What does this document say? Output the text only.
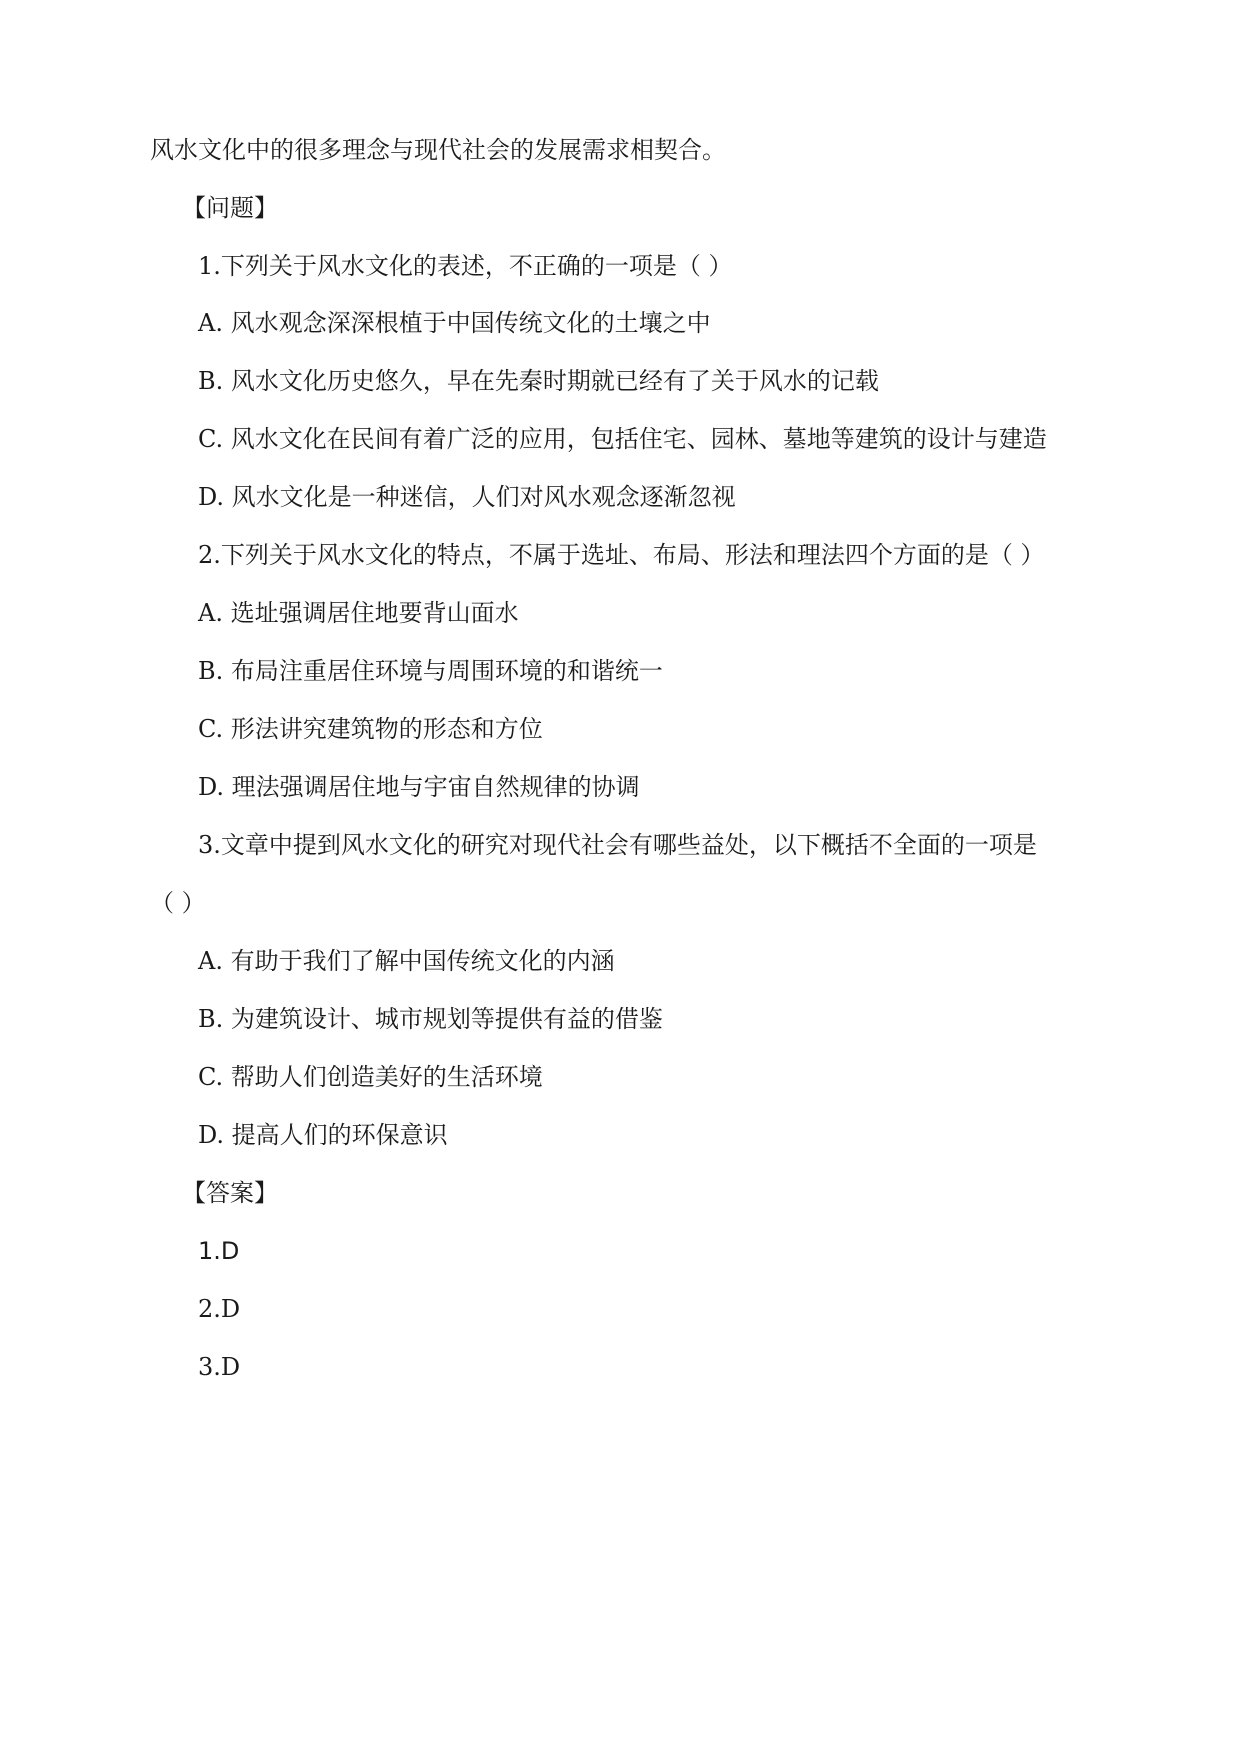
风水文化中的很多理念与现代社会的发展需求相契合。
【问题】
1.下列关于风水文化的表述，不正确的一项是（ ）
A. 风水观念深深根植于中国传统文化的土壤之中
B. 风水文化历史悠久，早在先秦时期就已经有了关于风水的记载
C. 风水文化在民间有着广泛的应用，包括住宅、园林、墓地等建筑的设计与建造
D. 风水文化是一种迷信，人们对风水观念逐渐忽视
2.下列关于风水文化的特点，不属于选址、布局、形法和理法四个方面的是（ ）
A. 选址强调居住地要背山面水
B. 布局注重居住环境与周围环境的和谐统一
C. 形法讲究建筑物的形态和方位
D. 理法强调居住地与宇宙自然规律的协调
3.文章中提到风水文化的研究对现代社会有哪些益处，以下概括不全面的一项是
（ ）
A. 有助于我们了解中国传统文化的内涵
B. 为建筑设计、城市规划等提供有益的借鉴
C. 帮助人们创造美好的生活环境
D. 提高人们的环保意识
【答案】
1.D
2.D
3.D
